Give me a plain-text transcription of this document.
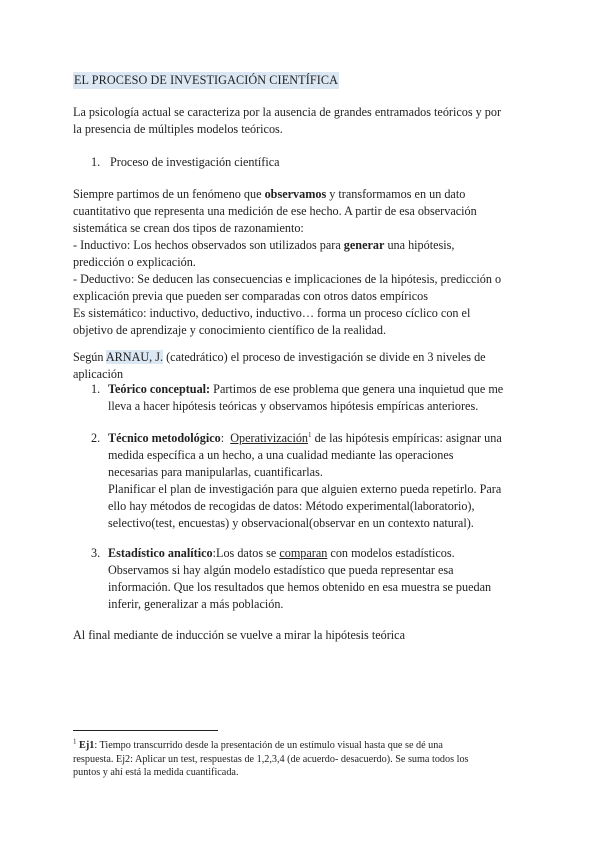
EL PROCESO DE INVESTIGACIÓN CIENTÍFICA
La psicología actual se caracteriza por la ausencia de grandes entramados teóricos y por
la presencia de múltiples modelos teóricos.
1. Proceso de investigación científica
Siempre partimos de un fenómeno que observamos y transformamos en un dato
cuantitativo que representa una medición de ese hecho. A partir de esa observación
sistemática se crean dos tipos de razonamiento:
- Inductivo: Los hechos observados son utilizados para generar una hipótesis,
predicción o explicación.
- Deductivo: Se deducen las consecuencias e implicaciones de la hipótesis, predicción o
explicación previa que pueden ser comparadas con otros datos empíricos
Es sistemático: inductivo, deductivo, inductivo… forma un proceso cíclico con el
objetivo de aprendizaje y conocimiento científico de la realidad.
Según ARNAU, J. (catedrático) el proceso de investigación se divide en 3 niveles de
aplicación
1. Teórico conceptual: Partimos de ese problema que genera una inquietud que me
lleva a hacer hipótesis teóricas y observamos hipótesis empíricas anteriores.
2. Técnico metodológico:  Operativización$^1$ de las hipótesis empíricas: asignar una
medida específica a un hecho, a una cualidad mediante las operaciones
necesarias para manipularlas, cuantificarlas.
Planificar el plan de investigación para que alguien externo pueda repetirlo. Para
ello hay métodos de recogidas de datos: Método experimental(laboratorio),
selectivo(test, encuestas) y observacional(observar en un contexto natural).
3. Estadístico analítico:Los datos se comparan con modelos estadísticos.
Observamos si hay algún modelo estadístico que pueda representar esa
información. Que los resultados que hemos obtenido en esa muestra se puedan
inferir, generalizar a más población.
Al final mediante de inducción se vuelve a mirar la hipótesis teórica
$^1$ Ej1: Tiempo transcurrido desde la presentación de un estímulo visual hasta que se dé una
respuesta. Ej2: Aplicar un test, respuestas de 1,2,3,4 (de acuerdo- desacuerdo). Se suma todos los
puntos y ahí está la medida cuantificada.
